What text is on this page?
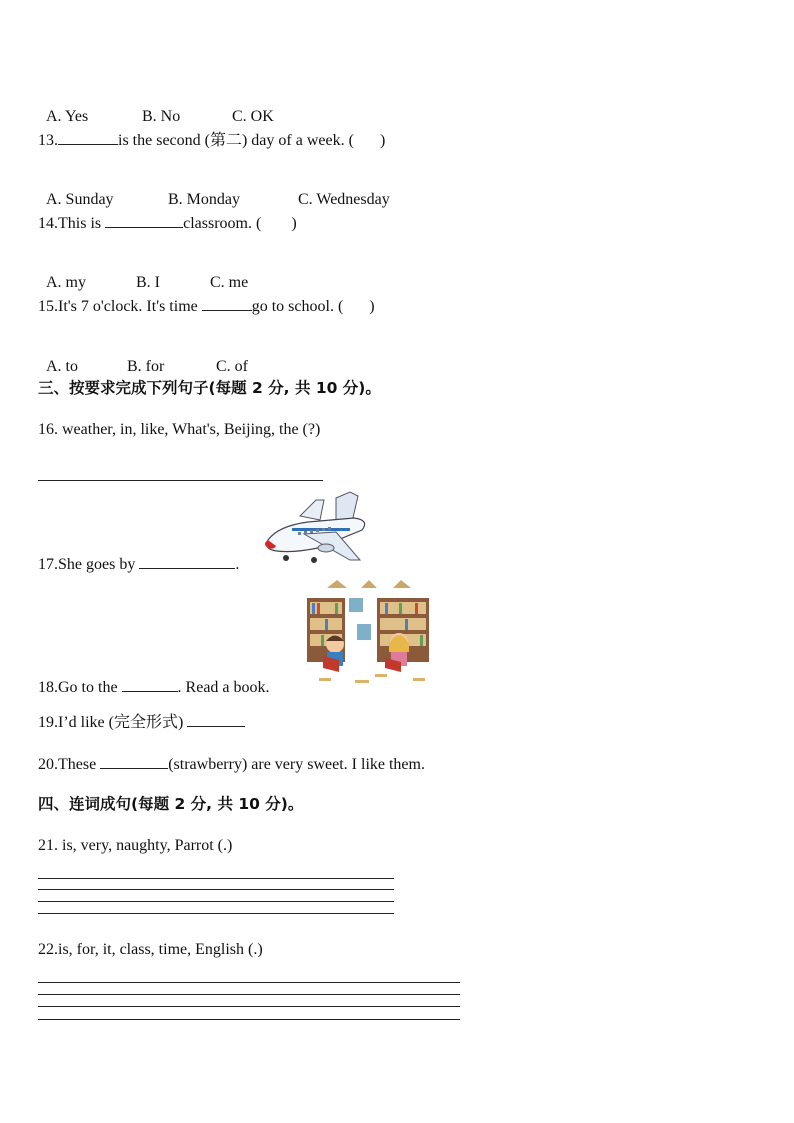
A. Yes	B. No	C. OK

13.	is the second (第二) day of a week. ( )

A. Sunday	B. Monday	C. Wednesday

14.This is	classroom. ( )

A. my	B. I	C. me

15.It's 7 o'clock. It's time	go to school. ( )

A. to	B. for	C. of

三、按要求完成下列句子(每题 2 分, 共 10 分)。
16. weather, in, like, What's, Beijing, the (?)
17.She goes by	.
18.Go to the	. Read a book.
19.I’d like (完全形式)
20.These	(strawberry) are very sweet. I like them.
四、连词成句(每题 2 分, 共 10 分)。
21. is, very, naughty, Parrot (.)
22.is, for, it, class, time, English (.)
